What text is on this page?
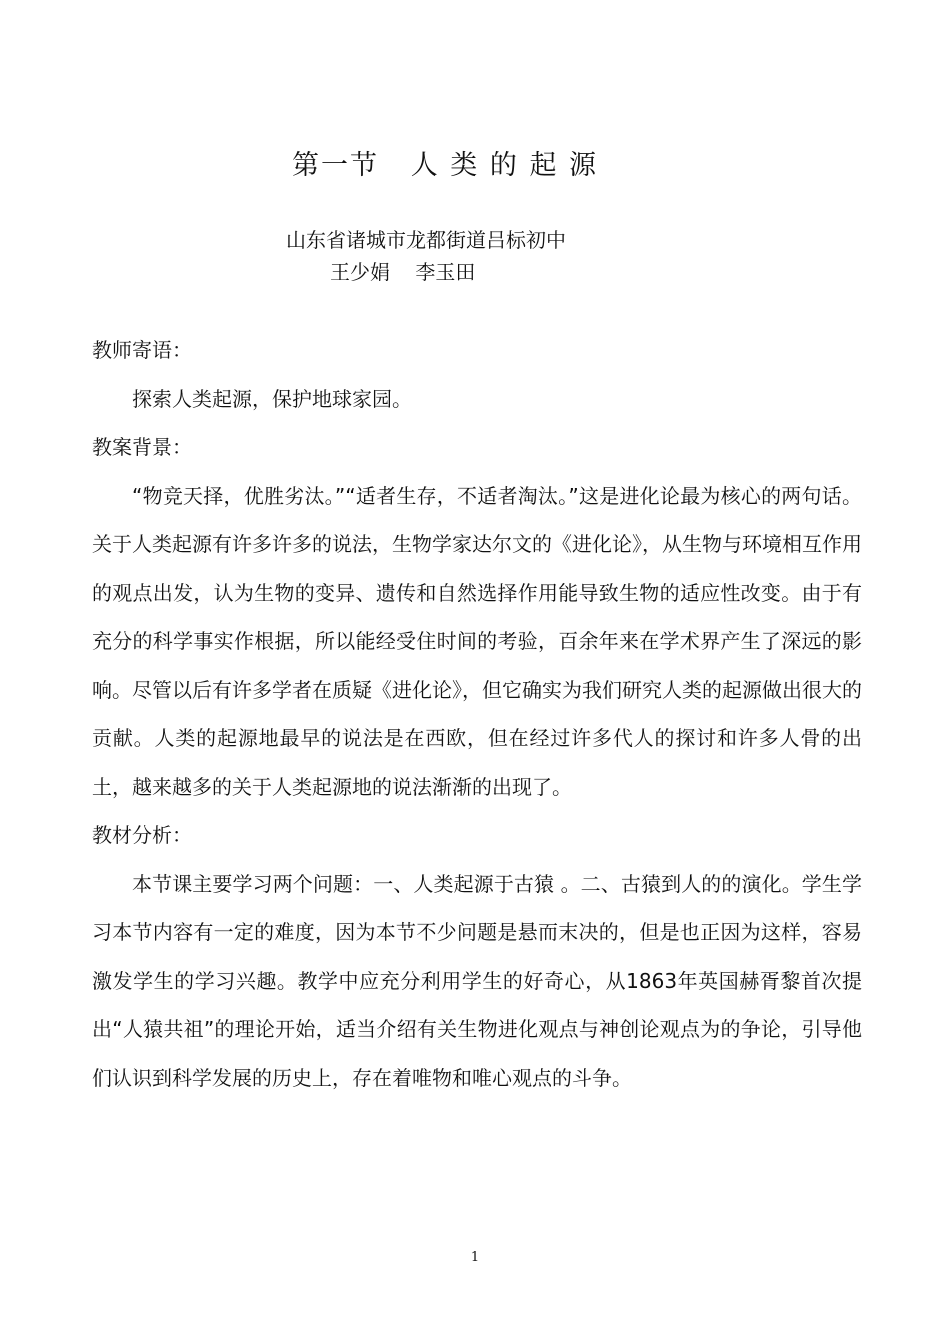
第一节   人 类 的 起 源
山东省诸城市龙都街道吕标初中
王少娟    李玉田

教师寄语：

探索人类起源，保护地球家园。

教案背景：

“物竞天择，优胜劣汰。”“适者生存，不适者淘汰。”这是进化论最为核心的两句话。关于人类起源有许多许多的说法，生物学家达尔文的《进化论》，从生物与环境相互作用的观点出发，认为生物的变异、遗传和自然选择作用能导致生物的适应性改变。由于有充分的科学事实作根据，所以能经受住时间的考验，百余年来在学术界产生了深远的影响。尽管以后有许多学者在质疑《进化论》，但它确实为我们研究人类的起源做出很大的贡献。人类的起源地最早的说法是在西欧，但在经过许多代人的探讨和许多人骨的出土，越来越多的关于人类起源地的说法渐渐的出现了。

教材分析：

本节课主要学习两个问题：一、人类起源于古猿 。二、古猿到人的的演化。学生学习本节内容有一定的难度，因为本节不少问题是悬而末决的，但是也正因为这样，容易激发学生的学习兴趣。教学中应充分利用学生的好奇心，从1863年英国赫胥黎首次提出“人猿共祖”的理论开始，适当介绍有关生物进化观点与神创论观点为的争论，引导他们认识到科学发展的历史上，存在着唯物和唯心观点的斗争。

1
